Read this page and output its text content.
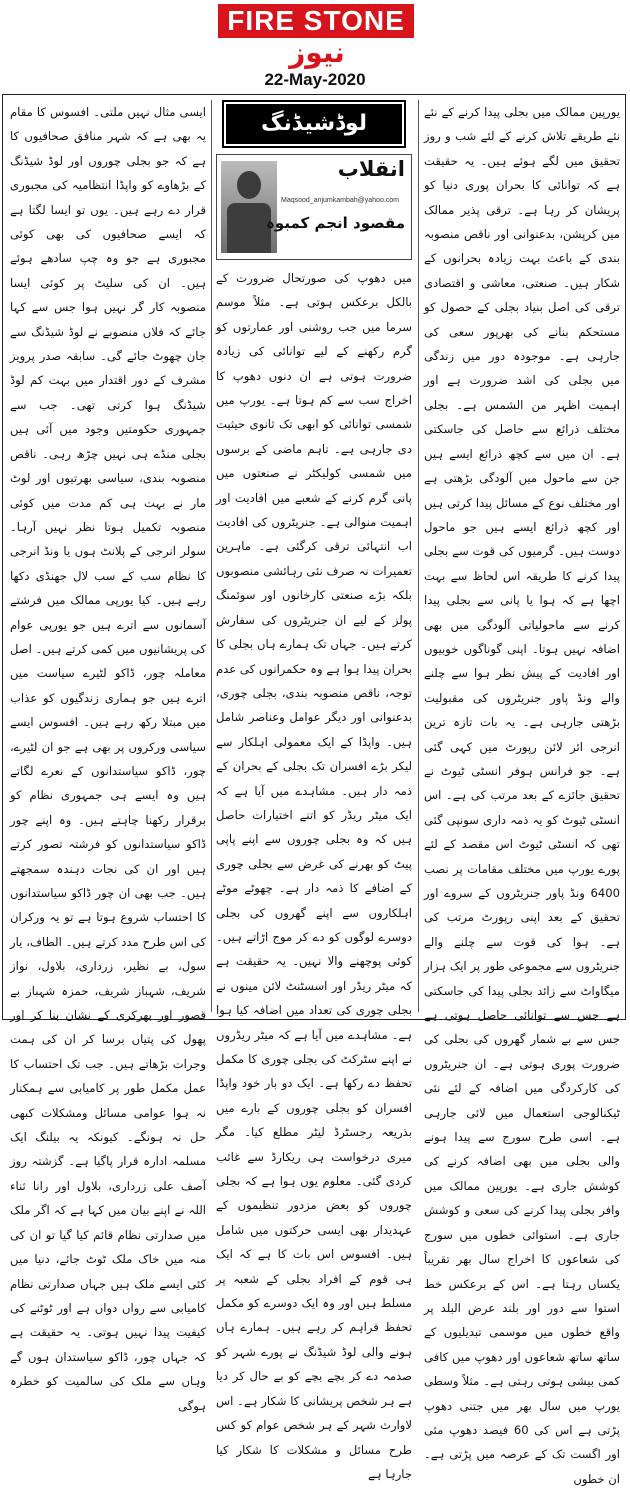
FIRE STONE
نیوز
22-May-2020

یورپین ممالک میں بجلی پیدا کرنے کے نئے نئے طریقے تلاش کرنے کے لئے شب و روز تحقیق میں لگے ہوئے ہیں۔ یہ حقیقت ہے کہ توانائی کا بحران پوری دنیا کو پریشان کر رہا ہے۔ ترقی پذیر ممالک میں کرپشن، بدعنوانی اور ناقص منصوبہ بندی کے باعث بہت زیادہ بحرانوں کے شکار ہیں۔ صنعتی، معاشی و اقتصادی ترقی کی اصل بنیاد بجلی کے حصول کو مستحکم بنانے کی بھرپور سعی کی جارہی ہے۔ موجودہ دور میں زندگی میں بجلی کی اشد ضرورت ہے اور اہمیت اظہر من الشمس ہے۔ بجلی مختلف ذرائع سے حاصل کی جاسکتی ہے۔ ان میں سے کچھ ذرائع ایسے ہیں جن سے ماحول میں آلودگی بڑھتی ہے اور مختلف نوع کے مسائل پیدا کرتی ہیں اور کچھ ذرائع ایسے ہیں جو ماحول دوست ہیں۔ گرمیوں کی قوت سے بجلی پیدا کرنے کا طریقہ اس لحاظ سے بہت اچھا ہے کہ ہوا یا پانی سے بجلی پیدا کرنے سے ماحولیاتی آلودگی میں بھی اضافہ نہیں ہوتا۔ اپنی گوناگوں خوبیوں اور افادیت کے پیش نظر ہوا سے چلنے والے ونڈ پاور جنریٹروں کی مقبولیت بڑھتی جارہی ہے۔ یہ بات تازہ ترین انرجی ائر لائن رپورٹ میں کہی گئی ہے۔ جو فرانس ہوفر انسٹی ٹیوٹ نے تحقیق جائزے کے بعد مرتب کی ہے۔ اس انسٹی ٹیوٹ کو یہ ذمہ داری سونپی گئی تھی کہ انسٹی ٹیوٹ اس مقصد کے لئے پورے یورپ میں مختلف مقامات پر نصب 6400 ونڈ پاور جنریٹروں کے سروے اور تحقیق کے بعد اپنی رپورٹ مرتب کی ہے۔ ہوا کی قوت سے چلنے والے جنریٹروں سے مجموعی طور پر ایک ہزار میگاواٹ سے زائد بجلی پیدا کی جاسکتی ہے جس سے توانائی حاصل ہوتی ہے جس سے بے شمار گھروں کی بجلی کی ضرورت پوری ہوتی ہے۔ ان جنریٹروں کی کارکردگی میں اضافہ کے لئے نئی ٹیکنالوجی استعمال میں لائی جارہی ہے۔ اسی طرح سورج سے پیدا ہونے والی بجلی میں بھی اضافہ کرنے کی کوشش جاری ہے۔ یورپین ممالک میں وافر بجلی پیدا کرنے کی سعی و کوشش جاری ہے۔ استوائی خطوں میں سورج کی شعاعوں کا اخراج سال بھر تقریباً یکساں رہتا ہے۔ اس کے برعکس خط استوا سے دور اور بلند عرض البلد پر واقع خطوں میں موسمی تبدیلیوں کے ساتھ ساتھ شعاعوں اور دھوپ میں کافی کمی بیشی ہوتی رہتی ہے۔ مثلاً وسطی یورپ میں سال بھر میں جتنی دھوپ پڑتی ہے اس کی 60 فیصد دھوپ مئی اور اگست تک کے عرصہ میں پڑتی ہے۔ ان خطوں

لوڈشیڈنگ
انقلاب
Maqsood_anjumkambah@yahoo.com
مقصود انجم کمبوہ

میں دھوپ کی صورتحال ضرورت کے بالکل برعکس ہوتی ہے۔ مثلاً موسم سرما میں جب روشنی اور عمارتوں کو گرم رکھنے کے لیے توانائی کی زیادہ ضرورت ہوتی ہے ان دنوں دھوپ کا اخراج سب سے کم ہوتا ہے۔ یورپ میں شمسی توانائی کو ابھی تک ثانوی حیثیت دی جارہی ہے۔ تاہم ماضی کے برسوں میں شمسی کولیکٹر نے صنعتوں میں پانی گرم کرنے کے شعبے میں افادیت اور اہمیت منوالی ہے۔ جنریٹروں کی افادیت اب انتہائی ترقی کرگئی ہے۔ ماہرین تعمیرات نہ صرف نئی رہائشی منصوبوں بلکہ بڑے صنعتی کارخانوں اور سوئمنگ پولز کے لیے ان جنریٹروں کی سفارش کرتے ہیں۔ جہاں تک ہمارے ہاں بجلی کا بحران پیدا ہوا ہے وہ حکمرانوں کی عدم توجہ، ناقص منصوبہ بندی، بجلی چوری، بدعنوانی اور دیگر عوامل وعناصر شامل ہیں۔ واپڈا کے ایک معمولی اہلکار سے لیکر بڑے افسران تک بجلی کے بحران کے ذمہ دار ہیں۔ مشاہدے میں آیا ہے کہ ایک میٹر ریڈر کو اتنے اختیارات حاصل ہیں کہ وہ بجلی چوروں سے اپنے پاپی پیٹ کو بھرنے کی غرض سے بجلی چوری کے اضافے کا ذمہ دار ہے۔ چھوٹے موٹے اہلکاروں سے اپنے گھروں کی بجلی دوسرے لوگوں کو دے کر موج اڑاتے ہیں۔ کوئی پوچھنے والا نہیں۔ یہ حقیقت ہے کہ میٹر ریڈر اور اسسٹنٹ لائن مینوں نے بجلی چوری کی تعداد میں اضافہ کیا ہوا ہے۔ مشاہدے میں آیا ہے کہ میٹر ریڈروں نے اپنے سٹرکٹ کی بجلی چوری کا مکمل تحفظ دے رکھا ہے۔ ایک دو بار خود واپڈا افسران کو بجلی چوروں کے بارے میں بذریعہ رجسٹرڈ لیٹر مطلع کیا۔ مگر میری درخواست ہی ریکارڈ سے غائب کردی گئی۔ معلوم یوں ہوا ہے کہ بجلی چوروں کو بعض مزدور تنظیموں کے عہدیدار بھی ایسی حرکتوں میں شامل ہیں۔ افسوس اس بات کا ہے کہ ایک ہی قوم کے افراد بجلی کے شعبہ پر مسلط ہیں اور وہ ایک دوسرے کو مکمل تحفظ فراہم کر رہے ہیں۔ ہمارے ہاں ہونے والی لوڈ شیڈنگ نے پورے شہر کو صدمہ دے کر بچے بچے کو بے حال کر دیا ہے ہر شخص پریشانی کا شکار ہے۔ اس لاوارث شہر کے ہر شخص عوام کو کس طرح مسائل و مشکلات کا شکار کیا جارہا ہے

ایسی مثال نہیں ملتی۔ افسوس کا مقام یہ بھی ہے کہ شہر منافق صحافیوں کا ہے کہ جو بجلی چوروں اور لوڈ شیڈنگ کے بڑھاوے کو واپڈا انتظامیہ کی مجبوری قرار دے رہے ہیں۔ یوں تو ایسا لگتا ہے کہ ایسے صحافیوں کی بھی کوئی مجبوری ہے جو وہ چپ سادھے ہوئے ہیں۔ ان کی سلیٹ پر کوئی ایسا منصوبہ کار گر نہیں ہوا جس سے کہا جائے کہ فلاں منصوبے نے لوڈ شیڈنگ سے جان چھوٹ جائے گی۔ سابقہ صدر پرویز مشرف کے دور اقتدار میں بہت کم لوڈ شیڈنگ ہوا کرتی تھی۔ جب سے جمہوری حکومتیں وجود میں آئی ہیں بجلی منڈے ہی نہیں چڑھ رہی۔ ناقص منصوبہ بندی، سیاسی بھرتیوں اور لوٹ مار نے بہت ہی کم مدت میں کوئی منصوبہ تکمیل ہوتا نظر نہیں آرہا۔ سولر انرجی کے پلانٹ ہوں یا ونڈ انرجی کا نظام سب کے سب لال جھنڈی دکھا رہے ہیں۔ کیا یورپی ممالک میں فرشتے آسمانوں سے اترے ہیں جو یورپی عوام کی پریشانیوں میں کمی کرتے ہیں۔ اصل معاملہ چور، ڈاکو لٹیرے سیاست میں اترے ہیں جو ہماری زندگیوں کو عذاب میں مبتلا رکھ رہے ہیں۔ افسوس ایسے سیاسی ورکروں پر بھی ہے جو ان لٹیرے، چور، ڈاکو سیاستدانوں کے نعرے لگاتے ہیں وہ ایسے ہی جمہوری نظام کو برقرار رکھنا چاہتے ہیں۔ وہ اپنے چور ڈاکو سیاستدانوں کو فرشتہ تصور کرتے ہیں اور ان کی نجات دہندہ سمجھتے ہیں۔ جب بھی ان چور ڈاکو سیاستدانوں کا احتساب شروع ہوتا ہے تو یہ ورکران کی اس طرح مدد کرتے ہیں۔ الطاف، یار سول، بے نظیر، زرداری، بلاول، نواز شریف، شہباز شریف، حمزہ شہباز بے قصور اور بھرکری کے نشان بنا کر اور پھول کی پتیاں برسا کر ان کی ہمت وجرات بڑھاتے ہیں۔ جب تک احتساب کا عمل مکمل طور پر کامیابی سے ہمکنار نہ ہوا عوامی مسائل ومشکلات کبھی حل نہ ہونگے۔ کیونکہ یہ بیلنگ ایک مسلمہ ادارہ قرار پاگیا ہے۔ گزشتہ روز آصف علی زرداری، بلاول اور رانا ثناء اللہ نے اپنے بیان میں کہا ہے کہ اگر ملک میں صدارتی نظام قائم کیا گیا تو ان کی منہ میں خاک ملک ٹوٹ جائے، دنیا میں کئی ایسے ملک ہیں جہاں صدارتی نظام کامیابی سے رواں دواں ہے اور ٹوٹنے کی کیفیت پیدا نہیں ہوتی۔ یہ حقیقت ہے کہ جہاں چور، ڈاکو سیاستدان ہوں گے وہاں سے ملک کی سالمیت کو خطرہ ہوگی
